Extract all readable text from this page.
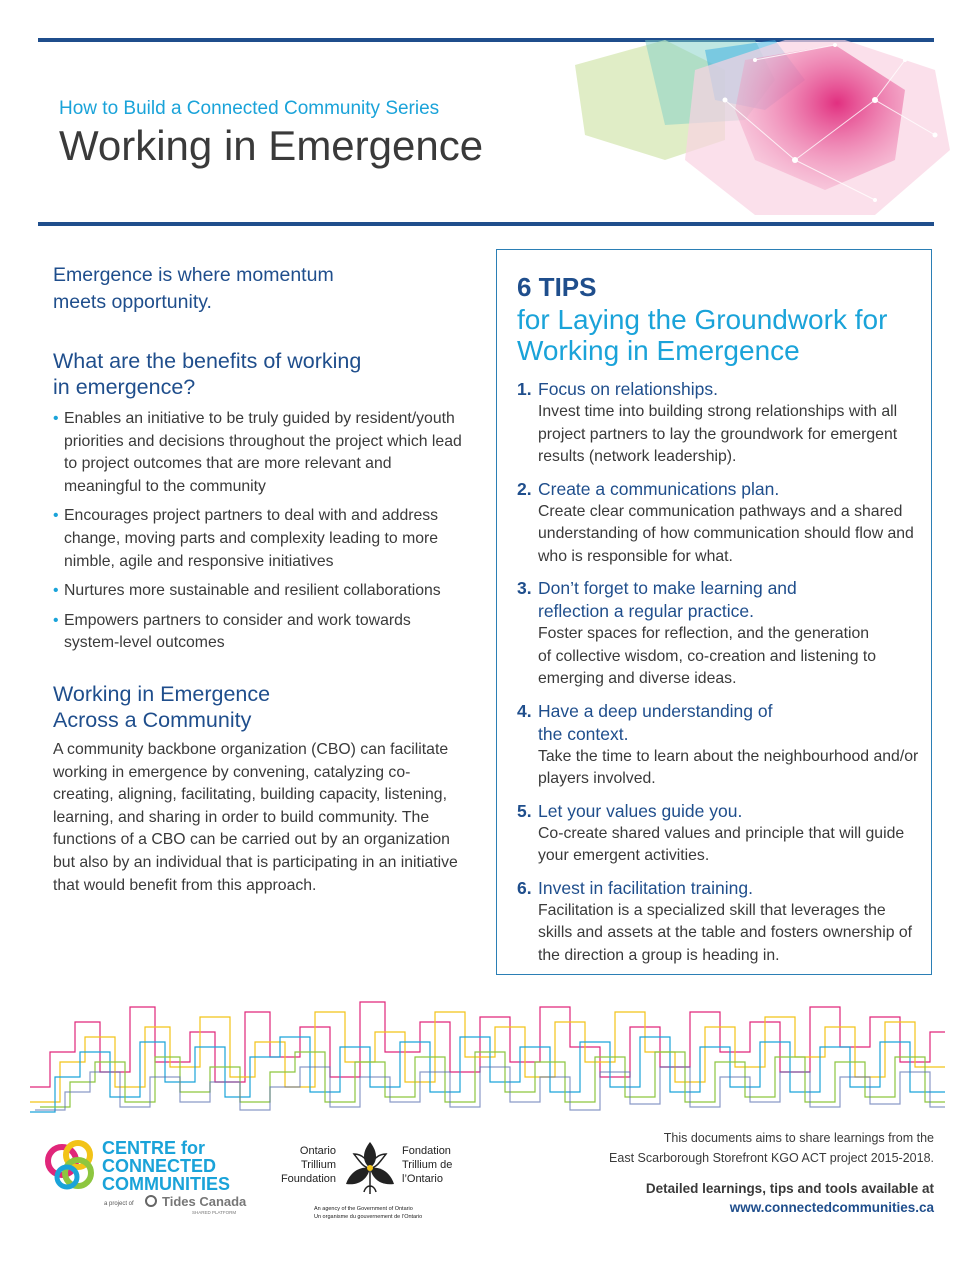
How to Build a Connected Community Series
Working in Emergence

Emergence is where momentum meets opportunity.

What are the benefits of working in emergence?

• Enables an initiative to be truly guided by resident/youth priorities and decisions throughout the project which lead to project outcomes that are more relevant and meaningful to the community
• Encourages project partners to deal with and address change, moving parts and complexity leading to more nimble, agile and responsive initiatives
• Nurtures more sustainable and resilient collaborations
• Empowers partners to consider and work towards system-level outcomes

Working in Emergence Across a Community

A community backbone organization (CBO) can facilitate working in emergence by convening, catalyzing co-creating, aligning, facilitating, building capacity, listening, learning, and sharing in order to build community. The functions of a CBO can be carried out by an organization but also by an individual that is participating in an initiative that would benefit from this approach.

6 TIPS
for Laying the Groundwork for Working in Emergence
1. Focus on relationships.
Invest time into building strong relationships with all project partners to lay the groundwork for emergent results (network leadership).
2. Create a communications plan.
Create clear communication pathways and a shared understanding of how communication should flow and who is responsible for what.
3. Don’t forget to make learning and reflection a regular practice.
Foster spaces for reflection, and the generation of collective wisdom, co-creation and listening to emerging and diverse ideas.
4. Have a deep understanding of the context.
Take the time to learn about the neighbourhood and/or players involved.
5. Let your values guide you.
Co-create shared values and principle that will guide your emergent activities.
6. Invest in facilitation training.
Facilitation is a specialized skill that leverages the skills and assets at the table and fosters ownership of the direction a group is heading in.
CENTRE for
CONNECTED
COMMUNITIES
a project of Tides Canada
SHARED PLATFORM
Ontario Trillium Foundation
Fondation Trillium de l’Ontario
An agency of the Government of Ontario
Un organisme du gouvernement de l’Ontario
This documents aims to share learnings from the
East Scarborough Storefront KGO ACT project 2015-2018.
Detailed learnings, tips and tools available at
www.connectedcommunities.ca
